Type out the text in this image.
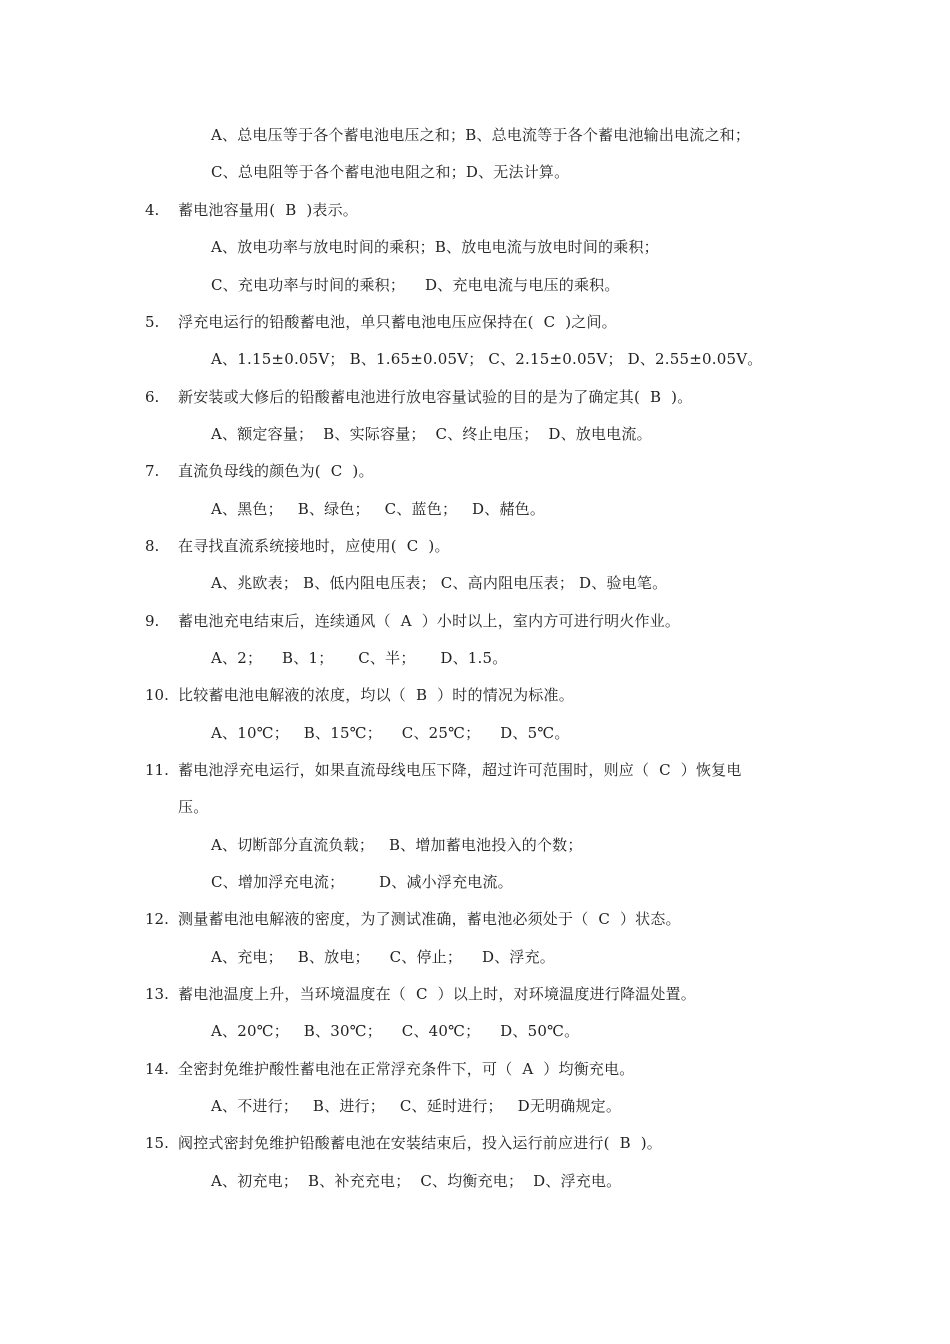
A、总电压等于各个蓄电池电压之和；B、总电流等于各个蓄电池输出电流之和；
C、总电阻等于各个蓄电池电阻之和；D、无法计算。
4. 蓄电池容量用(  B  )表示。
A、放电功率与放电时间的乘积；B、放电电流与放电时间的乘积；
C、充电功率与时间的乘积；    D、充电电流与电压的乘积。
5. 浮充电运行的铅酸蓄电池，单只蓄电池电压应保持在(  C  )之间。
A、1.15±0.05V； B、1.65±0.05V； C、2.15±0.05V； D、2.55±0.05V。
6. 新安装或大修后的铅酸蓄电池进行放电容量试验的目的是为了确定其(  B  )。
A、额定容量；  B、实际容量；  C、终止电压；  D、放电电流。
7. 直流负母线的颜色为(  C  )。
A、黑色；   B、绿色；   C、蓝色；   D、赭色。
8. 在寻找直流系统接地时，应使用(  C  )。
A、兆欧表； B、低内阻电压表； C、高内阻电压表； D、验电笔。
9. 蓄电池充电结束后，连续通风（  A  ）小时以上，室内方可进行明火作业。
A、2；    B、1；     C、半；     D、1.5。
10. 比较蓄电池电解液的浓度，均以（  B  ）时的情况为标准。
A、10℃；   B、15℃；    C、25℃；    D、5℃。
11. 蓄电池浮充电运行，如果直流母线电压下降，超过许可范围时，则应（  C  ）恢复电
压。
A、切断部分直流负载；   B、增加蓄电池投入的个数；
C、增加浮充电流；       D、减小浮充电流。
12. 测量蓄电池电解液的密度，为了测试准确，蓄电池必须处于（  C  ）状态。
A、充电；   B、放电；    C、停止；    D、浮充。
13. 蓄电池温度上升，当环境温度在（  C  ）以上时，对环境温度进行降温处置。
A、20℃；   B、30℃；    C、40℃；    D、50℃。
14. 全密封免维护酸性蓄电池在正常浮充条件下，可（  A  ）均衡充电。
A、不进行；   B、进行；   C、延时进行；   D无明确规定。
15. 阀控式密封免维护铅酸蓄电池在安装结束后，投入运行前应进行(  B  )。
A、初充电；  B、补充充电；  C、均衡充电；  D、浮充电。
